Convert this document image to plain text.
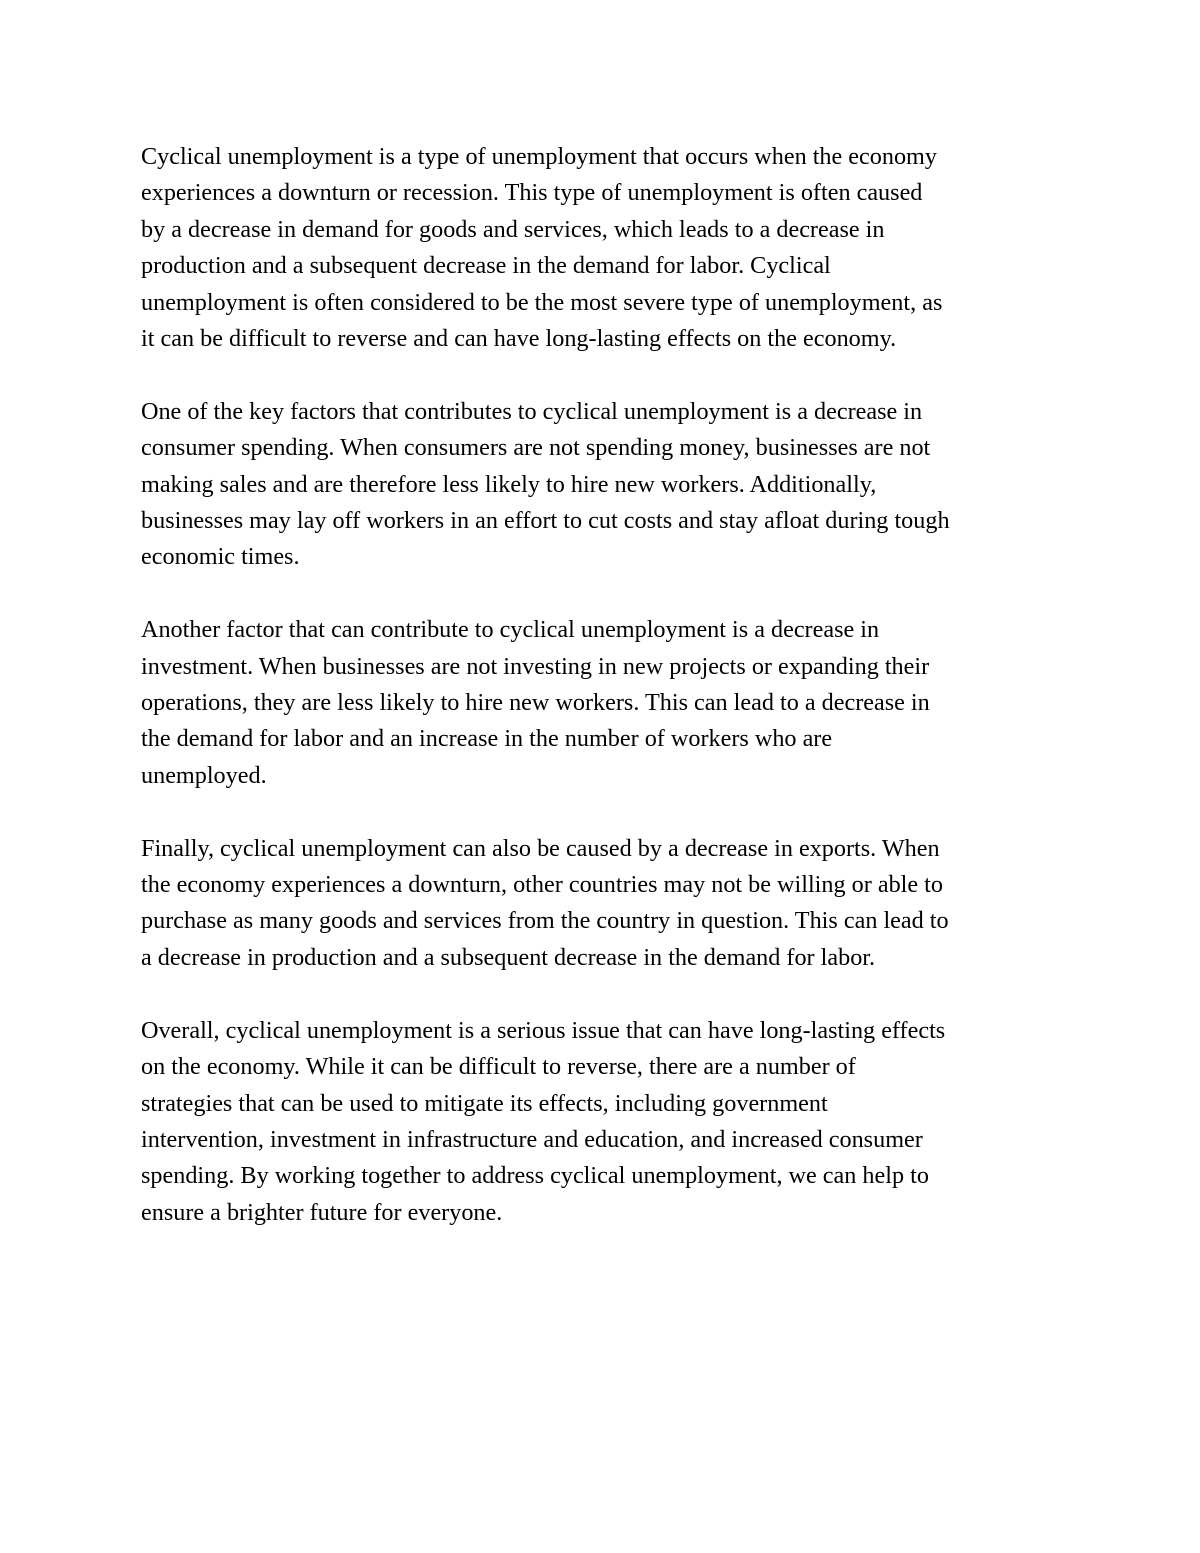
Cyclical unemployment is a type of unemployment that occurs when the economy
experiences a downturn or recession. This type of unemployment is often caused
by a decrease in demand for goods and services, which leads to a decrease in
production and a subsequent decrease in the demand for labor. Cyclical
unemployment is often considered to be the most severe type of unemployment, as
it can be difficult to reverse and can have long-lasting effects on the economy.

One of the key factors that contributes to cyclical unemployment is a decrease in
consumer spending. When consumers are not spending money, businesses are not
making sales and are therefore less likely to hire new workers. Additionally,
businesses may lay off workers in an effort to cut costs and stay afloat during tough
economic times.

Another factor that can contribute to cyclical unemployment is a decrease in
investment. When businesses are not investing in new projects or expanding their
operations, they are less likely to hire new workers. This can lead to a decrease in
the demand for labor and an increase in the number of workers who are
unemployed.

Finally, cyclical unemployment can also be caused by a decrease in exports. When
the economy experiences a downturn, other countries may not be willing or able to
purchase as many goods and services from the country in question. This can lead to
a decrease in production and a subsequent decrease in the demand for labor.

Overall, cyclical unemployment is a serious issue that can have long-lasting effects
on the economy. While it can be difficult to reverse, there are a number of
strategies that can be used to mitigate its effects, including government
intervention, investment in infrastructure and education, and increased consumer
spending. By working together to address cyclical unemployment, we can help to
ensure a brighter future for everyone.
